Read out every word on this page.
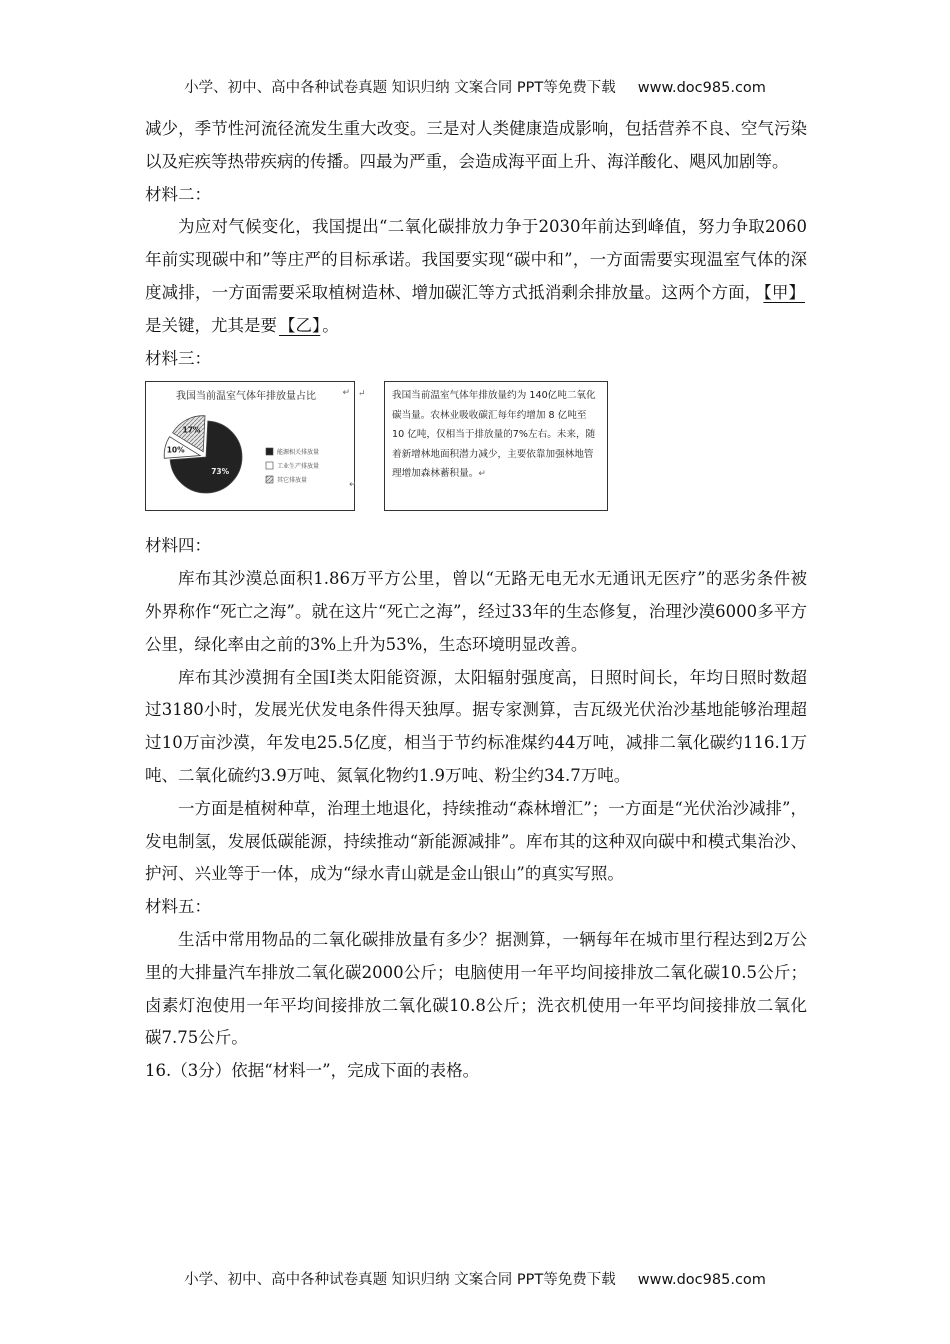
小学、初中、高中各种试卷真题 知识归纳 文案合同 PPT等免费下载 www.doc985.com

减少，季节性河流径流发生重大改变。三是对人类健康造成影响，包括营养不良、空气污染以及疟疾等热带疾病的传播。四最为严重，会造成海平面上升、海洋酸化、飓风加剧等。

材料二：

为应对气候变化，我国提出“二氧化碳排放力争于2030年前达到峰值，努力争取2060年前实现碳中和”等庄严的目标承诺。我国要实现“碳中和”，一方面需要实现温室气体的深度减排，一方面需要采取植树造林、增加碳汇等方式抵消剩余排放量。这两个方面， 【甲】是关键，尤其是要 【乙】 。

材料三：

我国当前温室气体年排放量占比	↵
↵
73%
10%
17%
能源相关排放量
工业生产排放量
其它排放量
↵	我国当前温室气体年排放量约为 140亿吨二氧化碳当量。农林业吸收碳汇每年约增加 8 亿吨至 10 亿吨，仅相当于排放量的7%左右。未来，随着新增林地面积潜力减少，主要依靠加强林地管理增加森林蓄积量。↵

材料四：

库布其沙漠总面积1.86万平方公里，曾以“无路无电无水无通讯无医疗”的恶劣条件被外界称作“死亡之海”。就在这片“死亡之海”，经过33年的生态修复，治理沙漠6000多平方公里，绿化率由之前的3%上升为53%，生态环境明显改善。

库布其沙漠拥有全国Ⅰ类太阳能资源，太阳辐射强度高，日照时间长，年均日照时数超过3180小时，发展光伏发电条件得天独厚。据专家测算，吉瓦级光伏治沙基地能够治理超过10万亩沙漠，年发电25.5亿度，相当于节约标准煤约44万吨，减排二氧化碳约116.1万吨、二氧化硫约3.9万吨、氮氧化物约1.9万吨、粉尘约34.7万吨。

一方面是植树种草，治理土地退化，持续推动“森林增汇”；一方面是“光伏治沙减排”，发电制氢，发展低碳能源，持续推动“新能源减排”。库布其的这种双向碳中和模式集治沙、护河、兴业等于一体，成为“绿水青山就是金山银山”的真实写照。

材料五：

生活中常用物品的二氧化碳排放量有多少？据测算，一辆每年在城市里行程达到2万公里的大排量汽车排放二氧化碳2000公斤；电脑使用一年平均间接排放二氧化碳10.5公斤；卤素灯泡使用一年平均间接排放二氧化碳10.8公斤；洗衣机使用一年平均间接排放二氧化碳7.75公斤。

16.（3分）依据“材料一”，完成下面的表格。

小学、初中、高中各种试卷真题 知识归纳 文案合同 PPT等免费下载 www.doc985.com
